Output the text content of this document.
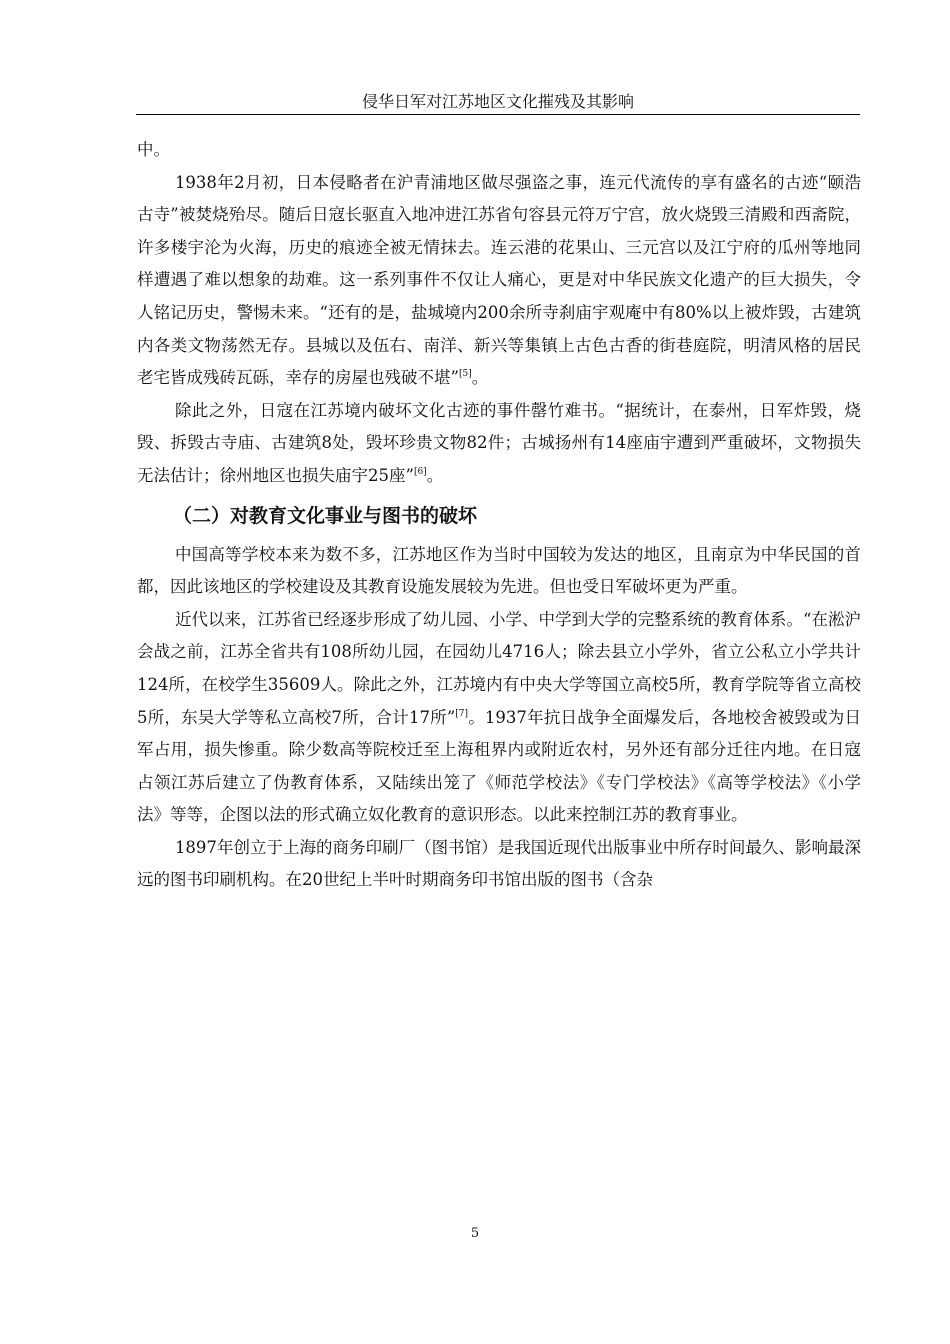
侵华日军对江苏地区文化摧残及其影响

中。

1938年2月初，日本侵略者在沪青浦地区做尽强盗之事，连元代流传的享有盛名的古迹“颐浩古寺”被焚烧殆尽。随后日寇长驱直入地冲进江苏省句容县元符万宁宫，放火烧毁三清殿和西斋院，许多楼宇沦为火海，历史的痕迹全被无情抹去。连云港的花果山、三元宫以及江宁府的瓜州等地同样遭遇了难以想象的劫难。这一系列事件不仅让人痛心，更是对中华民族文化遗产的巨大损失，令人铭记历史，警惕未来。“还有的是，盐城境内200余所寺刹庙宇观庵中有80%以上被炸毁，古建筑内各类文物荡然无存。县城以及伍右、南洋、新兴等集镇上古色古香的街巷庭院，明清风格的居民老宅皆成残砖瓦砾，幸存的房屋也残破不堪”[5]。

除此之外，日寇在江苏境内破坏文化古迹的事件罄竹难书。“据统计，在泰州，日军炸毁，烧毁、拆毁古寺庙、古建筑8处，毁坏珍贵文物82件；古城扬州有14座庙宇遭到严重破坏，文物损失无法估计；徐州地区也损失庙宇25座”[6]。

（二）对教育文化事业与图书的破坏

中国高等学校本来为数不多，江苏地区作为当时中国较为发达的地区，且南京为中华民国的首都，因此该地区的学校建设及其教育设施发展较为先进。但也受日军破坏更为严重。

近代以来，江苏省已经逐步形成了幼儿园、小学、中学到大学的完整系统的教育体系。“在淞沪会战之前，江苏全省共有108所幼儿园，在园幼儿4716人；除去县立小学外，省立公私立小学共计124所，在校学生35609人。除此之外，江苏境内有中央大学等国立高校5所，教育学院等省立高校5所，东吴大学等私立高校7所，合计17所”[7]。1937年抗日战争全面爆发后，各地校舍被毁或为日军占用，损失惨重。除少数高等院校迁至上海租界内或附近农村，另外还有部分迁往内地。在日寇占领江苏后建立了伪教育体系，又陆续出笼了《师范学校法》《专门学校法》《高等学校法》《小学法》等等，企图以法的形式确立奴化教育的意识形态。以此来控制江苏的教育事业。

1897年创立于上海的商务印刷厂（图书馆）是我国近现代出版事业中所存时间最久、影响最深远的图书印刷机构。在20世纪上半叶时期商务印书馆出版的图书（含杂

5
